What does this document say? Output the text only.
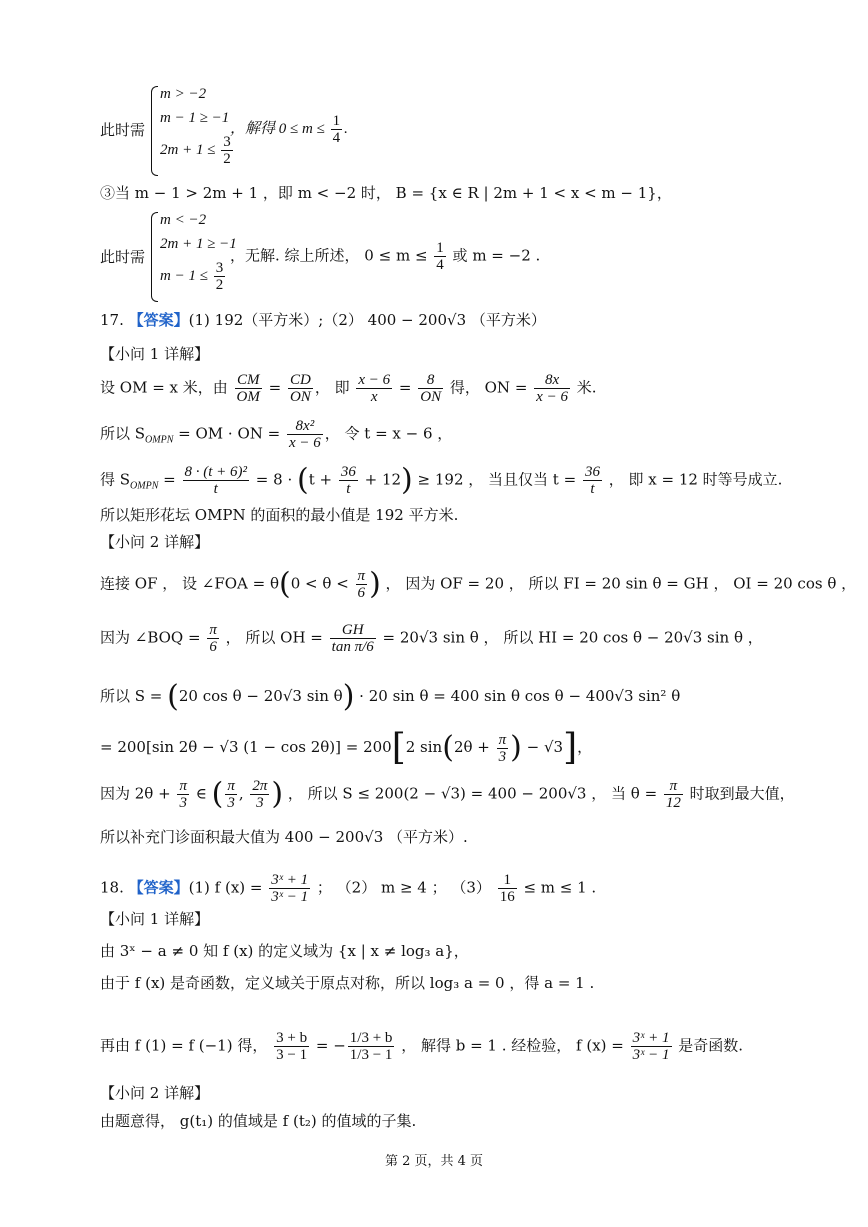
此时需
m > −2
m − 1 ≥ −1
$2m + 1 \le \frac{3}{2}$
，解得 $0 \le m \le \frac{1}{4}$ .
③当 m − 1 > 2m + 1 ，即 m < −2 时， B = {x ∈ R | 2m + 1 < x < m − 1}，
此时需
m < −2
2m + 1 ≥ −1
$m - 1 \le \frac{3}{2}$
，无解. 综上所述， $0 \le m \le \frac{1}{4}$ 或 m = −2 .
17. 【答案】(1) 192（平方米）;（2） 400 − 200√3 （平方米）
【小问 1 详解】
设 OM = x 米，由 $\frac{CM}{OM} = \frac{CD}{ON}$ ， 即 $\frac{x - 6}{x} = \frac{8}{ON}$ 得， ON = $\frac{8x}{x - 6}$ 米.
所以 $S_{OMPN}$ = OM · ON = $\frac{\text{8x²}}{x - 6}$ ， 令 t = x − 6 ，
得 $S_{OMPN} = \frac{\text{8 · (t + 6)²}}{t} = 8 \cdot (t + \frac{36}{t} + 12) \ge 192$ ， 当且仅当 $t = \frac{36}{t}$ ， 即 x = 12 时等号成立.
所以矩形花坛 OMPN 的面积的最小值是 192 平方米.
【小问 2 详解】
连接 OF ， 设 ∠FOA = $\theta(0 < \theta < \frac{\pi}{6}$ ) ， 因为 OF = 20 ， 所以 FI = 20 sin θ = GH ， OI = 20 cos θ ，
因为 ∠BOQ = $\frac{\pi}{6}$ ， 所以 OH = $\frac{GH}{\text{tan π/6}} = 20√3$ sin θ ， 所以 HI = 20 cos θ − 20√3 sin θ ，
所以 S = (20 cos θ − 20√3 sin θ) · 20 sin θ = 400 sin θ cos θ − 400√3 sin² θ
= 200[sin 2θ − √3 (1 − cos 2θ)] = 200[2 $\sin(2\theta + \frac{\pi}{3}$ ) − √3]，
因为 $2\theta + \frac{\pi}{3}$ ∈ ( $\frac{\pi}{3}$ , $\frac{2\pi}{3}$ ) ， 所以 S ≤ 200(2 − √3) = 400 − 200√3 ， 当 $\theta = \frac{\pi}{12}$ 时取到最大值，
所以补充门诊面积最大值为 400 − 200√3 （平方米）.
18. 【答案】(1) f $(x) = \frac{\text{3ˣ + 1}}{\text{3ˣ − 1}}$ ； （2） m ≥ 4 ； $(3) \frac{1}{16} \le m \le 1$ .
【小问 1 详解】
由 3ˣ − a ≠ 0 知 f (x) 的定义域为 {x | x ≠ log₃ a}，
由于 f (x) 是奇函数，定义域关于原点对称，所以 log₃ a = 0 ，得 a = 1 .
再由 f (1) = f (−1) 得， $\frac{3 + b}{3 - 1}$ = − $\frac{1/3 + b}{1/3 - 1}$ ， 解得 b = 1 . 经检验， f $(x) = \frac{\text{3ˣ + 1}}{\text{3ˣ − 1}}$ 是奇函数.
【小问 2 详解】
由题意得， g(t₁) 的值域是 f (t₂) 的值域的子集.
第 2 页，共 4 页
